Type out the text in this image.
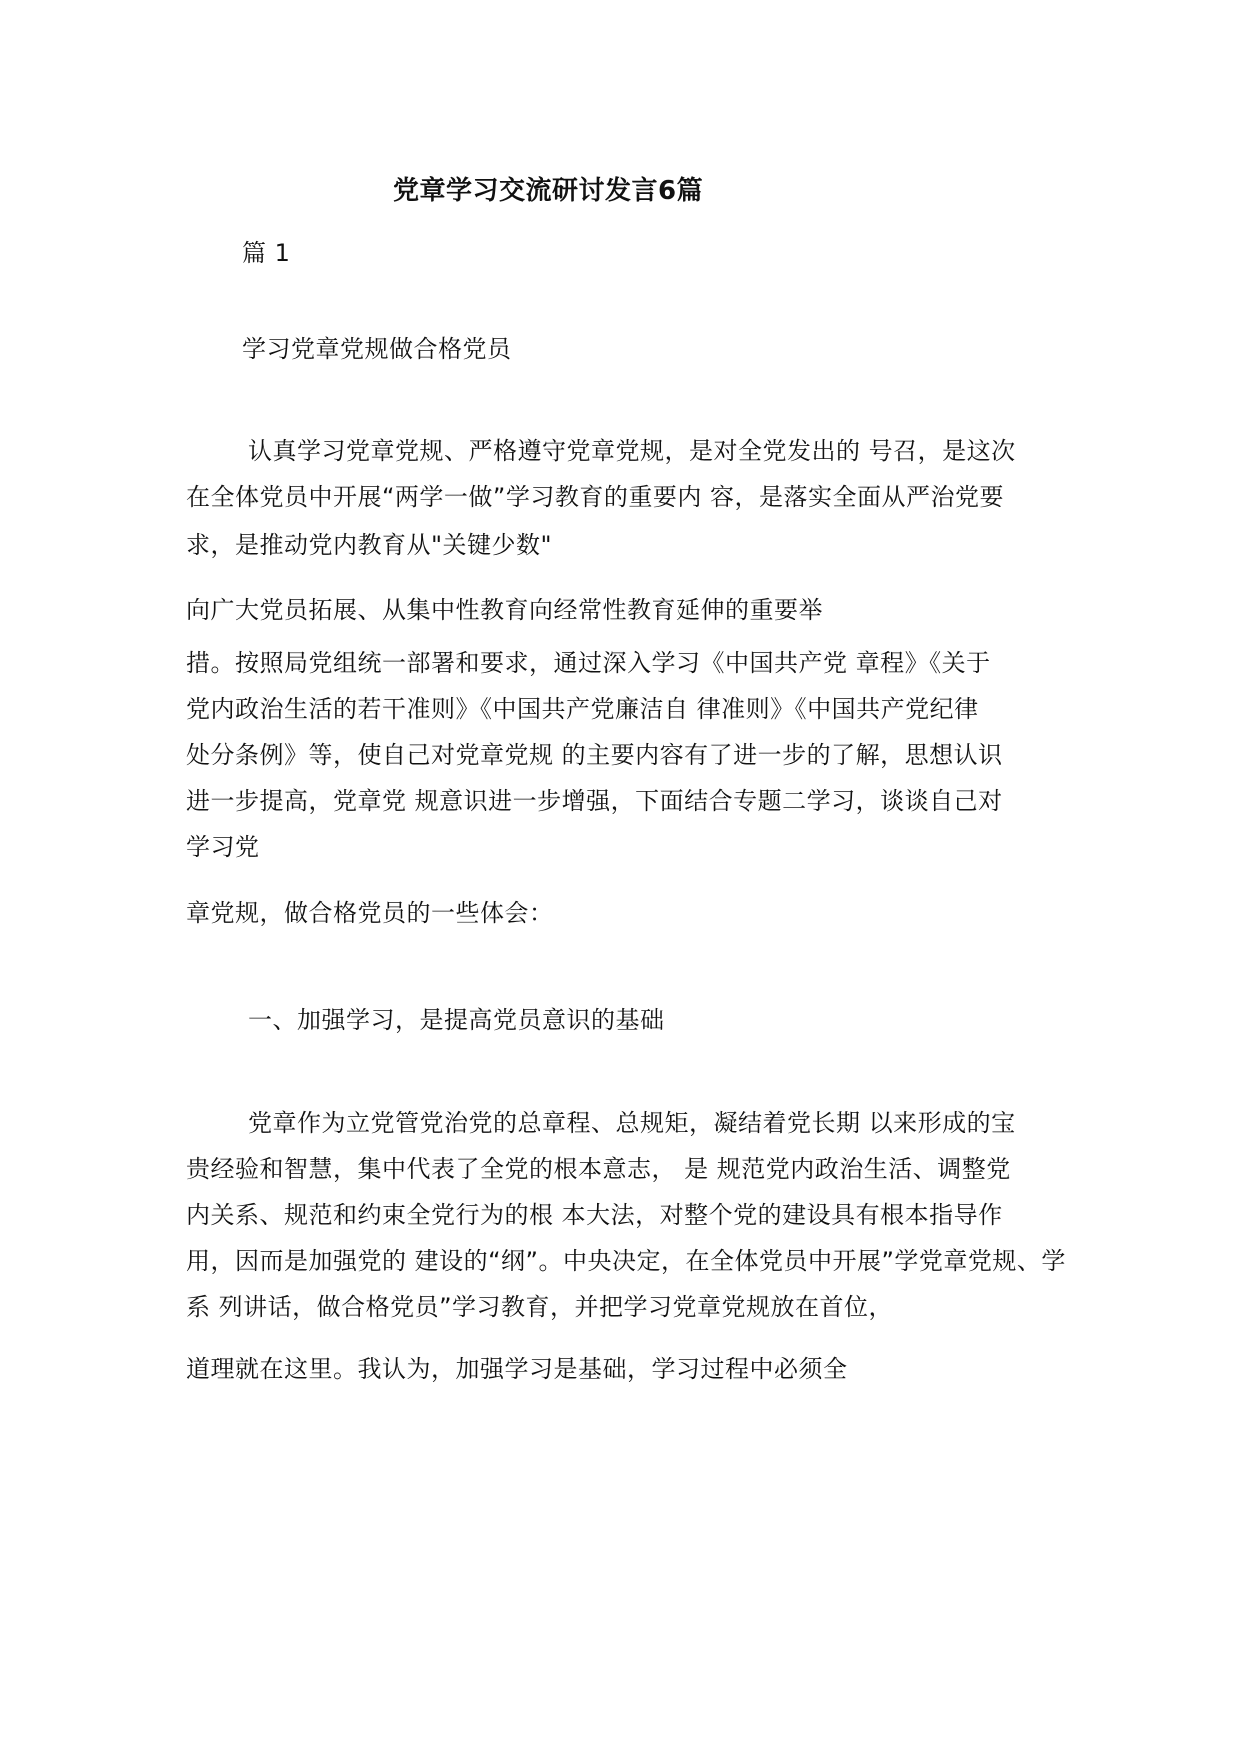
党章学习交流研讨发言6篇
篇 1
学习党章党规做合格党员
认真学习党章党规、严格遵守党章党规，是对全党发出的 号召，是这次
在全体党员中开展“两学一做”学习教育的重要内 容，是落实全面从严治党要
求，是推动党内教育从"关键少数"
向广大党员拓展、从集中性教育向经常性教育延伸的重要举
措。按照局党组统一部署和要求，通过深入学习《中国共产党 章程》《关于
党内政治生活的若干准则》《中国共产党廉洁自 律准则》《中国共产党纪律
处分条例》等，使自己对党章党规 的主要内容有了进一步的了解，思想认识
进一步提高，党章党 规意识进一步增强，下面结合专题二学习，谈谈自己对
学习党
章党规，做合格党员的一些体会：
一、加强学习，是提高党员意识的基础
党章作为立党管党治党的总章程、总规矩，凝结着党长期 以来形成的宝
贵经验和智慧，集中代表了全党的根本意志， 是 规范党内政治生活、调整党
内关系、规范和约束全党行为的根 本大法，对整个党的建设具有根本指导作
用，因而是加强党的 建设的“纲”。中央决定，在全体党员中开展”学党章党规、学
系 列讲话，做合格党员”学习教育，并把学习党章党规放在首位，
道理就在这里。我认为，加强学习是基础，学习过程中必须全
